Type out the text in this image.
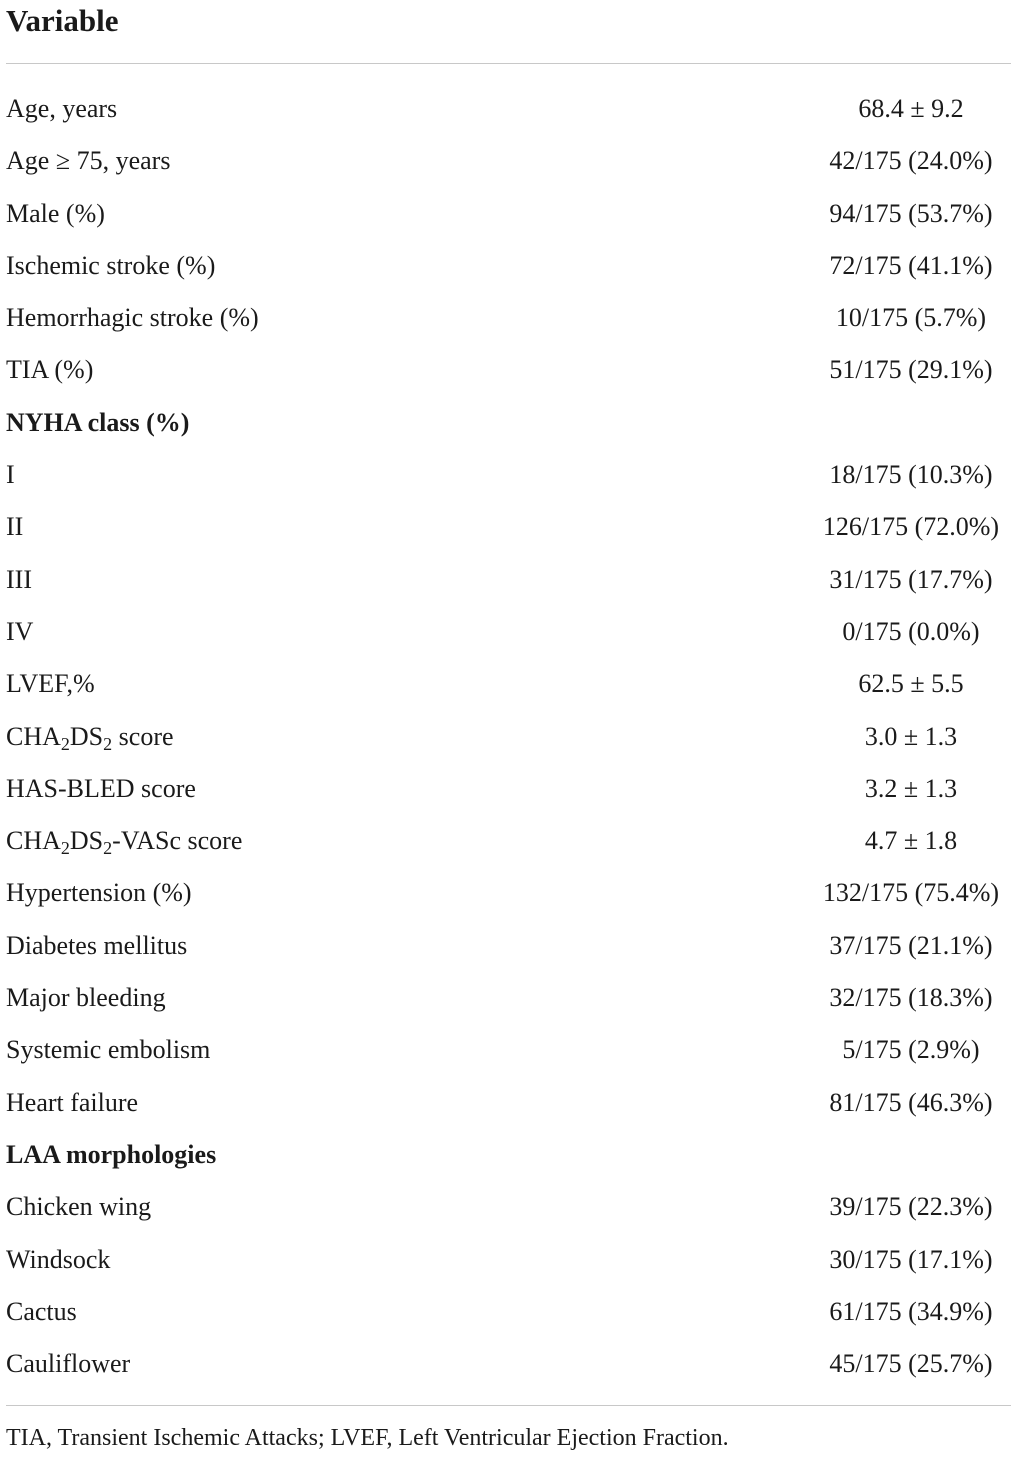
Variable
Age, years	68.4 ± 9.2
Age ≥ 75, years	42/175 (24.0%)
Male (%)	94/175 (53.7%)
Ischemic stroke (%)	72/175 (41.1%)
Hemorrhagic stroke (%)	10/175 (5.7%)
TIA (%)	51/175 (29.1%)
NYHA class (%)
I	18/175 (10.3%)
II	126/175 (72.0%)
III	31/175 (17.7%)
IV	0/175 (0.0%)
LVEF,%	62.5 ± 5.5
$CHA_2DS_2$ score	3.0 ± 1.3
HAS-BLED score	3.2 ± 1.3
$CHA_2DS_2$-VASc score	4.7 ± 1.8
Hypertension (%)	132/175 (75.4%)
Diabetes mellitus	37/175 (21.1%)
Major bleeding	32/175 (18.3%)
Systemic embolism	5/175 (2.9%)
Heart failure	81/175 (46.3%)
LAA morphologies
Chicken wing	39/175 (22.3%)
Windsock	30/175 (17.1%)
Cactus	61/175 (34.9%)
Cauliflower	45/175 (25.7%)
TIA, Transient Ischemic Attacks; LVEF, Left Ventricular Ejection Fraction.
